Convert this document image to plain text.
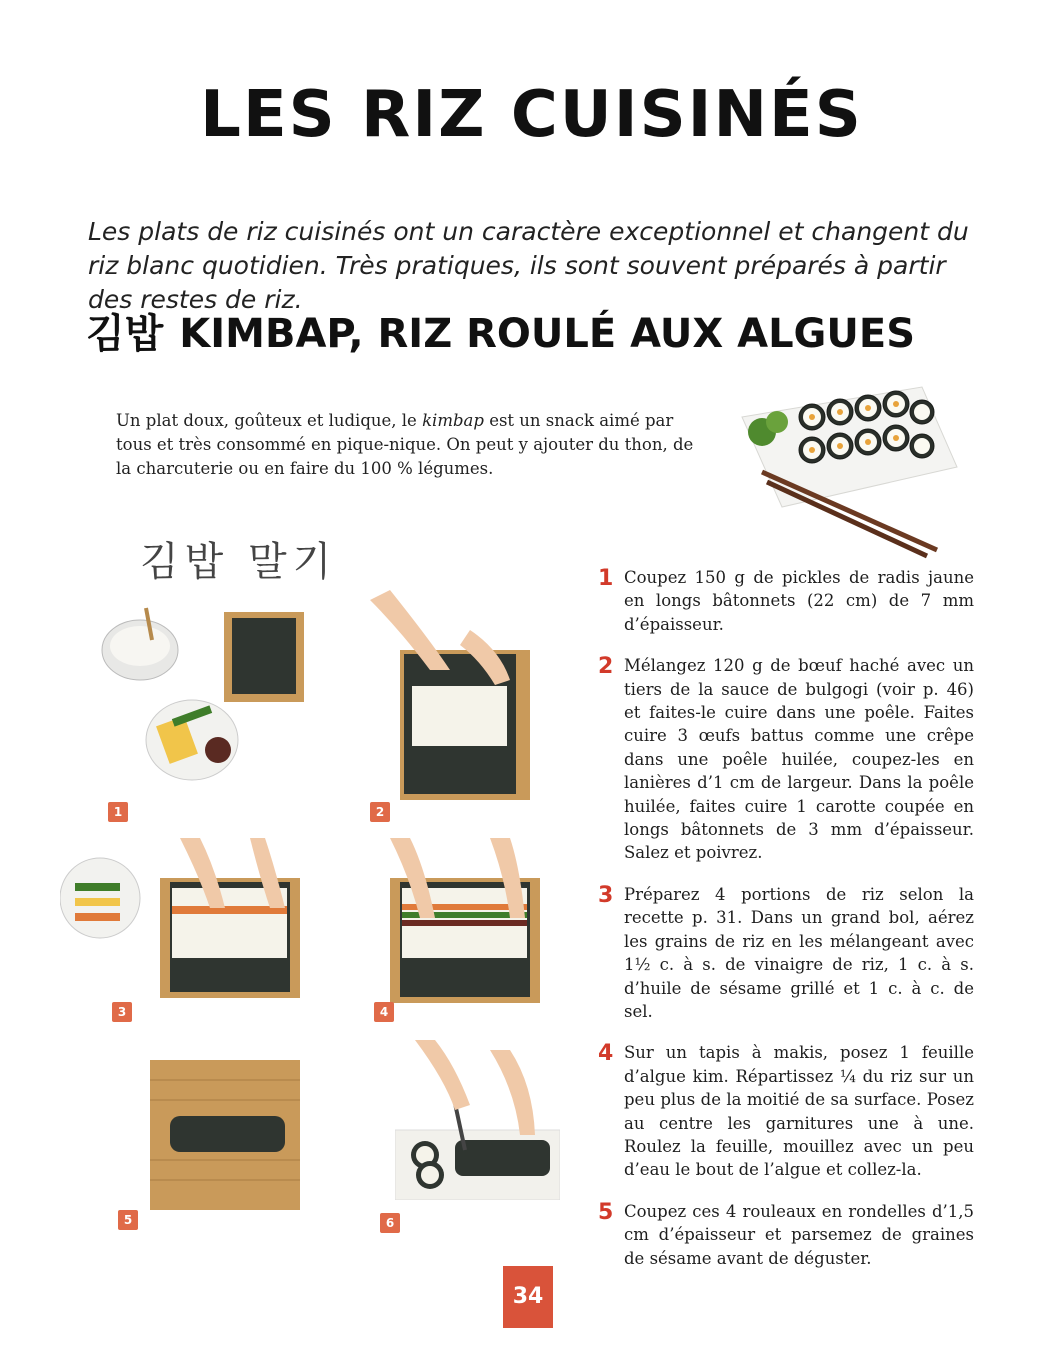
LES RIZ CUISINÉS

Les plats de riz cuisinés ont un caractère exceptionnel et changent du riz blanc quotidien. Très pratiques, ils sont souvent préparés à partir des restes de riz.

김밥 KIMBAP, RIZ ROULÉ AUX ALGUES

Un plat doux, goûteux et ludique, le kimbap est un snack aimé par tous et très consommé en pique-nique. On peut y ajouter du thon, de la charcuterie ou en faire du 100 % légumes.

김밥 말기
1	2
3	4
5	6
1 Coupez 150 g de pickles de radis jaune en longs bâtonnets (22 cm) de 7 mm d’épaisseur.
2 Mélangez 120 g de bœuf haché avec un tiers de la sauce de bulgogi (voir p. 46) et faites-le cuire dans une poêle. Faites cuire 3 œufs battus comme une crêpe dans une poêle huilée, coupez-les en lanières d’1 cm de largeur. Dans la poêle huilée, faites cuire 1 carotte coupée en longs bâtonnets de 3 mm d’épaisseur. Salez et poivrez.
3 Préparez 4 portions de riz selon la recette p. 31. Dans un grand bol, aérez les grains de riz en les mélangeant avec 1½ c. à s. de vinaigre de riz, 1 c. à s. d’huile de sésame grillé et 1 c. à c. de sel.
4 Sur un tapis à makis, posez 1 feuille d’algue kim. Répartissez ¼ du riz sur un peu plus de la moitié de sa surface. Posez au centre les garnitures une à une. Roulez la feuille, mouillez avec un peu d’eau le bout de l’algue et collez-la.
5 Coupez ces 4 rouleaux en rondelles d’1,5 cm d’épaisseur et parsemez de graines de sésame avant de déguster.
34
